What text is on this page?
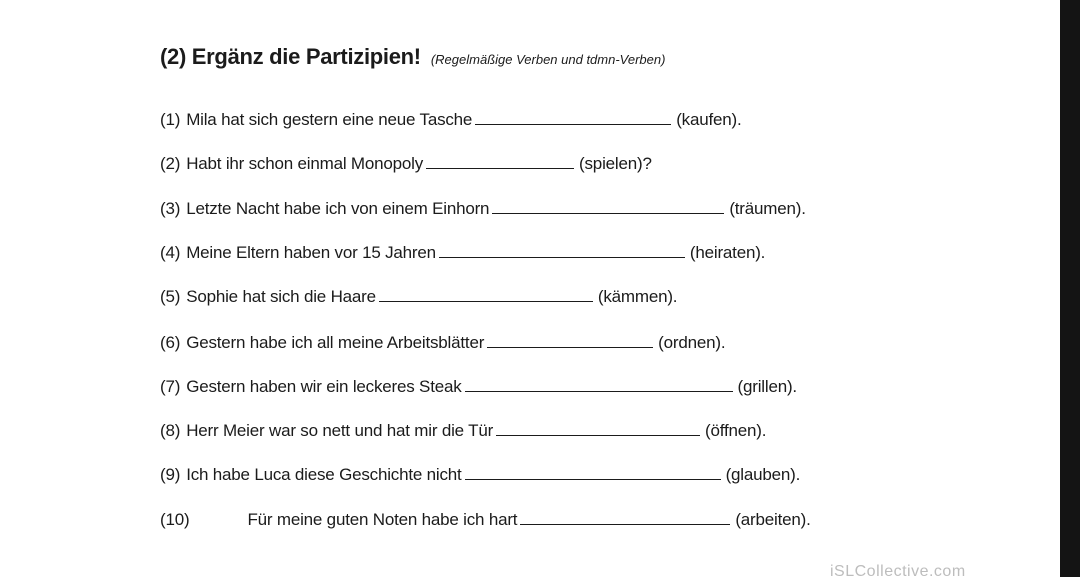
(2) Ergänz die Partizipien! (Regelmäßige Verben und tdmn-Verben)
(1) Mila hat sich gestern eine neue Tasche	(kaufen).
(2) Habt ihr schon einmal Monopoly	(spielen)?
(3) Letzte Nacht habe ich von einem Einhorn	(träumen).
(4) Meine Eltern haben vor 15 Jahren	(heiraten).
(5) Sophie hat sich die Haare	(kämmen).
(6) Gestern habe ich all meine Arbeitsblätter	(ordnen).
(7) Gestern haben wir ein leckeres Steak	(grillen).
(8) Herr Meier war so nett und hat mir die Tür	(öffnen).
(9) Ich habe Luca diese Geschichte nicht	(glauben).
(10)	Für meine guten Noten habe ich hart	(arbeiten).
iSLCollective.com
